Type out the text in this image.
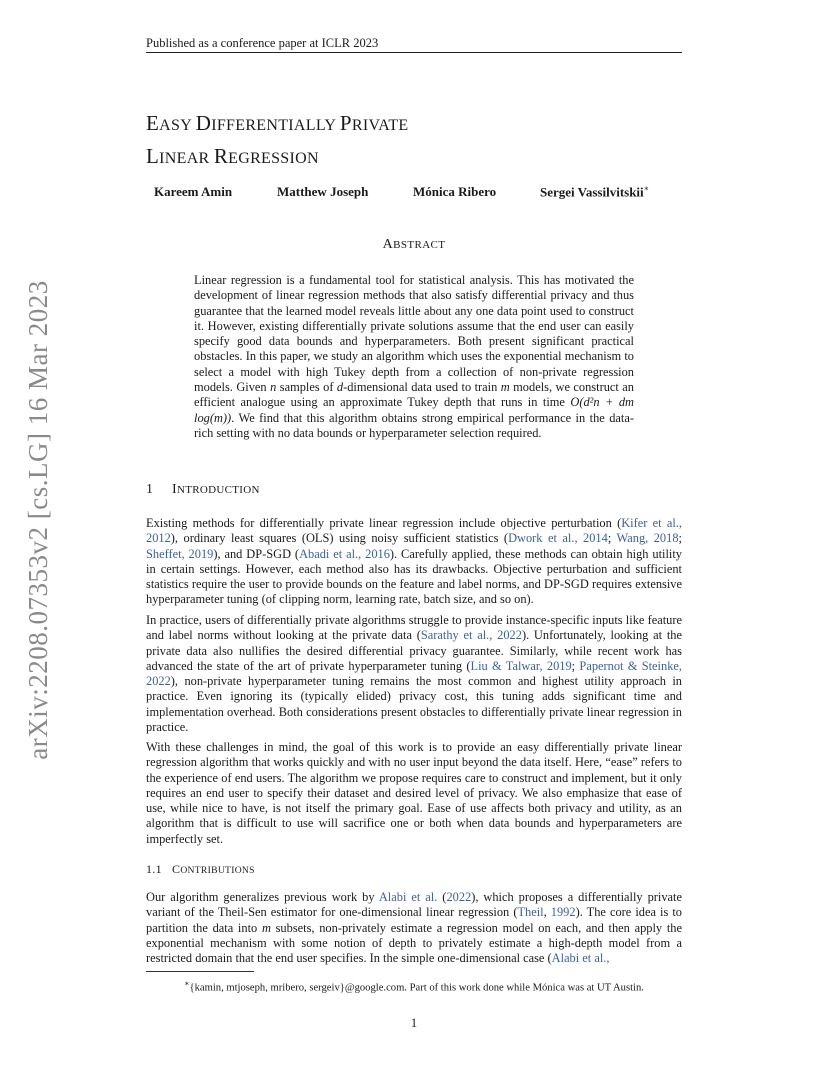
Published as a conference paper at ICLR 2023
arXiv:2208.07353v2 [cs.LG] 16 Mar 2023
EASY DIFFERENTIALLY PRIVATE
LINEAR REGRESSION
Kareem Amin	Matthew Joseph	Mónica Ribero	Sergei Vassilvitskii∗
ABSTRACT
Linear regression is a fundamental tool for statistical analysis. This has motivated the development of linear regression methods that also satisfy differential privacy and thus guarantee that the learned model reveals little about any one data point used to construct it. However, existing differentially private solutions assume that the end user can easily specify good data bounds and hyperparameters. Both present significant practical obstacles. In this paper, we study an algorithm which uses the exponential mechanism to select a model with high Tukey depth from a collection of non-private regression models. Given n samples of d-dimensional data used to train m models, we construct an efficient analogue using an approximate Tukey depth that runs in time O(d²n + dm log(m)). We find that this algorithm obtains strong empirical performance in the data-rich setting with no data bounds or hyperparameter selection required.
1 INTRODUCTION
Existing methods for differentially private linear regression include objective perturbation (Kifer et al., 2012), ordinary least squares (OLS) using noisy sufficient statistics (Dwork et al., 2014; Wang, 2018; Sheffet, 2019), and DP-SGD (Abadi et al., 2016). Carefully applied, these methods can obtain high utility in certain settings. However, each method also has its drawbacks. Objective perturbation and sufficient statistics require the user to provide bounds on the feature and label norms, and DP-SGD requires extensive hyperparameter tuning (of clipping norm, learning rate, batch size, and so on).
In practice, users of differentially private algorithms struggle to provide instance-specific inputs like feature and label norms without looking at the private data (Sarathy et al., 2022). Unfortunately, looking at the private data also nullifies the desired differential privacy guarantee. Similarly, while recent work has advanced the state of the art of private hyperparameter tuning (Liu & Talwar, 2019; Papernot & Steinke, 2022), non-private hyperparameter tuning remains the most common and highest utility approach in practice. Even ignoring its (typically elided) privacy cost, this tuning adds significant time and implementation overhead. Both considerations present obstacles to differentially private linear regression in practice.
With these challenges in mind, the goal of this work is to provide an easy differentially private linear regression algorithm that works quickly and with no user input beyond the data itself. Here, “ease” refers to the experience of end users. The algorithm we propose requires care to construct and implement, but it only requires an end user to specify their dataset and desired level of privacy. We also emphasize that ease of use, while nice to have, is not itself the primary goal. Ease of use affects both privacy and utility, as an algorithm that is difficult to use will sacrifice one or both when data bounds and hyperparameters are imperfectly set.
1.1 CONTRIBUTIONS
Our algorithm generalizes previous work by Alabi et al. (2022), which proposes a differentially private variant of the Theil-Sen estimator for one-dimensional linear regression (Theil, 1992). The core idea is to partition the data into m subsets, non-privately estimate a regression model on each, and then apply the exponential mechanism with some notion of depth to privately estimate a high-depth model from a restricted domain that the end user specifies. In the simple one-dimensional case (Alabi et al.,
∗{kamin, mtjoseph, mribero, sergeiv}@google.com. Part of this work done while Mónica was at UT Austin.
1
